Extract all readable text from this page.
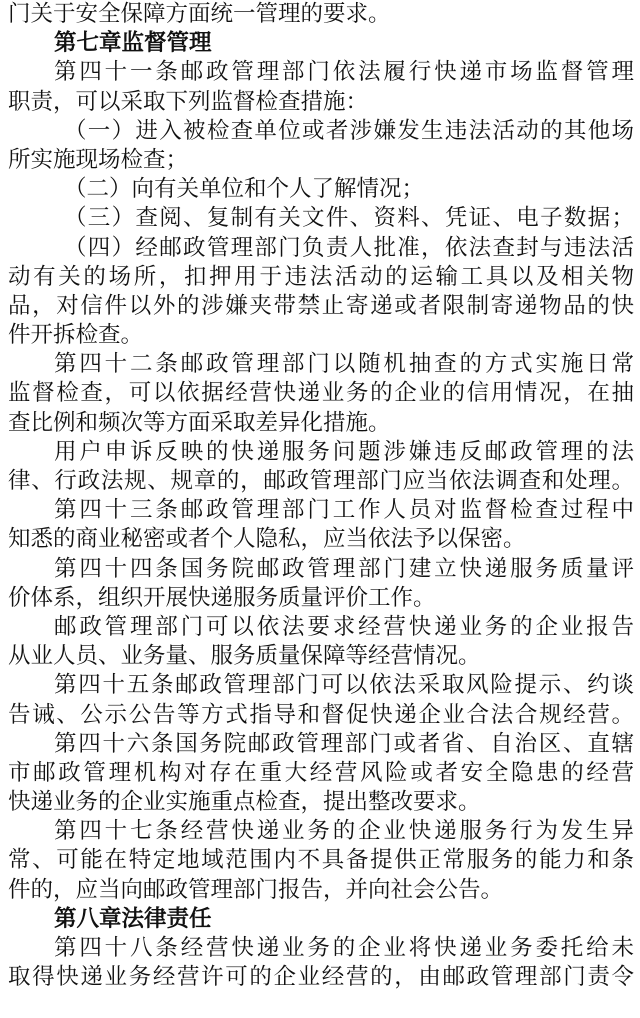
门关于安全保障方面统一管理的要求。
第七章监督管理
第四十一条邮政管理部门依法履行快递市场监督管理
职责，可以采取下列监督检查措施：
（一）进入被检查单位或者涉嫌发生违法活动的其他场
所实施现场检查；
（二）向有关单位和个人了解情况；
（三）查阅、复制有关文件、资料、凭证、电子数据；
（四）经邮政管理部门负责人批准，依法查封与违法活
动有关的场所，扣押用于违法活动的运输工具以及相关物
品，对信件以外的涉嫌夹带禁止寄递或者限制寄递物品的快
件开拆检查。
第四十二条邮政管理部门以随机抽查的方式实施日常
监督检查，可以依据经营快递业务的企业的信用情况，在抽
查比例和频次等方面采取差异化措施。
用户申诉反映的快递服务问题涉嫌违反邮政管理的法
律、行政法规、规章的，邮政管理部门应当依法调查和处理。
第四十三条邮政管理部门工作人员对监督检查过程中
知悉的商业秘密或者个人隐私，应当依法予以保密。
第四十四条国务院邮政管理部门建立快递服务质量评
价体系，组织开展快递服务质量评价工作。
邮政管理部门可以依法要求经营快递业务的企业报告
从业人员、业务量、服务质量保障等经营情况。
第四十五条邮政管理部门可以依法采取风险提示、约谈
告诫、公示公告等方式指导和督促快递企业合法合规经营。
第四十六条国务院邮政管理部门或者省、自治区、直辖
市邮政管理机构对存在重大经营风险或者安全隐患的经营
快递业务的企业实施重点检查，提出整改要求。
第四十七条经营快递业务的企业快递服务行为发生异
常、可能在特定地域范围内不具备提供正常服务的能力和条
件的，应当向邮政管理部门报告，并向社会公告。
第八章法律责任
第四十八条经营快递业务的企业将快递业务委托给未
取得快递业务经营许可的企业经营的，由邮政管理部门责令
